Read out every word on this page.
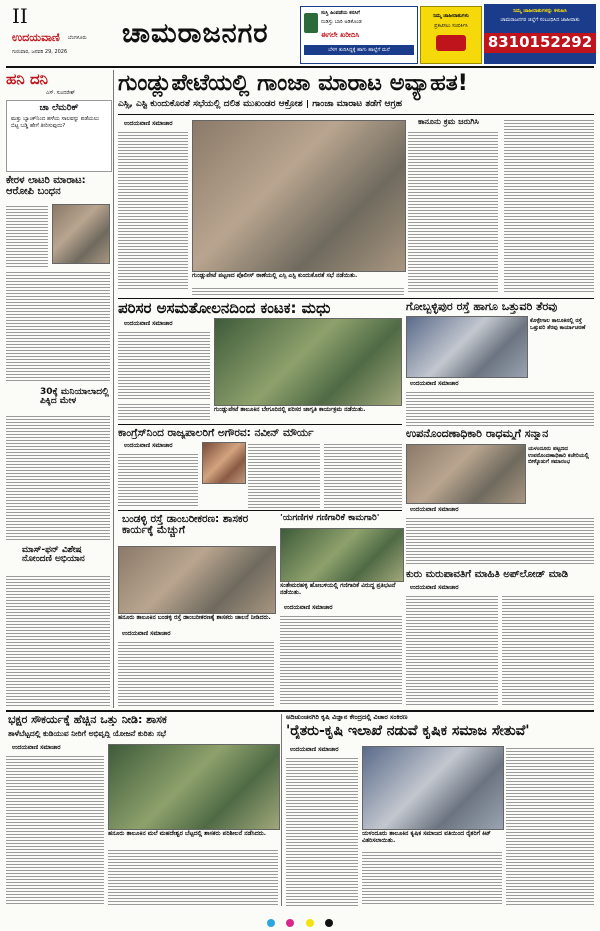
II
ಉದಯವಾಣಿ ಬೆಂಗಳೂರು
ಗುರುವಾರ, ಜನವರಿ 29, 2026
ಚಾಮರಾಜನಗರ
ಸುಸ್ತಿ ಹಿಂಪಡೆಯ ಕನಸಿಗೆ
ನುಡಿಸ್ತು ಬಾರಿ ಅಡಿಕೊಂಡ
ಈಗಲೇ ಖರೀದಿಸಿ
ಬೆಳಗ ತುದಿಸಿದ್ದಕ್ಕೆ ಹಾಗು ಹಾಲ್ಲೆಗೆ ಮನೆ
ನಿಮ್ಮ ಜಾಹೀರಾತುಗಳು
ಪ್ರಕಟಿಸಲು ಸಂಪರ್ಕಿಸಿ
ನಿಮ್ಮ ಜಾಹೀರಾತುಗಳನ್ನು ಕಳುಹಿಸಿ
ಚಾಮರಾಜನಗರ ಜಿಲ್ಲೆಗೆ ಸಂಬಂಧಿಸಿದ ಜಾಹೀರಾತು
8310152292
ಹನಿ ದನಿ
ಎಸ್. ಸುಂದರೇಶ್
ಚಾ ಲೆಮರಿಕ್
ಮತ್ತು ಬ್ಯಾಂಕ್‌ನಿಂದ ಹಳೆಯ ಸಾಲವನ್ನು ಪಡೆಯಲು ಬಿಟ್ಟ ಬಡ್ಡಿ ಹೇಗೆ ತೀರಿಸುವುದು?
ಕೇರಳ ಲಾಟರಿ ಮಾರಾಟ: ಆರೋಪಿ ಬಂಧನ
30ಕ್ಕೆ ಮನಿಯಾಲಾದಲ್ಲಿ ಪಿಕ್ಕಿದ ಮೇಳ
ಮಾಸ್-ಫನ್ ವಿಶೇಷ ನೋಂದಣಿ ಅಭಿಯಾನ
ಗುಂಡ್ಲುಪೇಟೆಯಲ್ಲಿ ಗಾಂಜಾ ಮಾರಾಟ ಅವ್ಯಾಹತ!
ಎಸ್ಸಿ, ಎಸ್ಟಿ ಕುಂದುಕೊರತೆ ಸಭೆಯಲ್ಲಿ ದಲಿತ ಮುಖಂಡರ ಆಕ್ರೋಶ | ಗಾಂಜಾ ಮಾರಾಟ ತಡೆಗೆ ಆಗ್ರಹ
ಉದಯವಾಣಿ ಸಮಾಚಾರ
ಗುಂಡ್ಲುಪೇಟೆ ಪಟ್ಟಣದ ಪೊಲೀಸ್ ಠಾಣೆಯಲ್ಲಿ ಎಸ್ಸಿ ಎಸ್ಟಿ ಕುಂದುಕೊರತೆ ಸಭೆ ನಡೆಯಿತು.
ಕಾನೂನು ಕ್ರಮ ಜರುಗಿಸಿ
ಪರಿಸರ ಅಸಮತೋಲನದಿಂದ ಕಂಟಕ: ಮಧು
ಉದಯವಾಣಿ ಸಮಾಚಾರ
ಗುಂಡ್ಲುಪೇಟೆ ತಾಲೂಕಿನ ಬೇಗೂರಿನಲ್ಲಿ ಪರಿಸರ ಜಾಗೃತಿ ಕಾರ್ಯಕ್ರಮ ನಡೆಯಿತು.
ಗೋಬ್ಬಳ್ಳಿಪುರ ರಸ್ತೆ ಹಾಗೂ ಒತ್ತುವರಿ ತೆರವು
ಕೊಳ್ಳೇಗಾಲ ತಾಲೂಕಿನಲ್ಲಿ ರಸ್ತೆ ಒತ್ತುವರಿ ತೆರವು ಕಾರ್ಯಾಚರಣೆ
ಉದಯವಾಣಿ ಸಮಾಚಾರ
ಕಾಂಗ್ರೆಸ್‌ನಿಂದ ರಾಜ್ಯಪಾಲರಿಗೆ ಅಗೌರವ: ನವೀನ್ ಮೌರ್ಯ
ಉದಯವಾಣಿ ಸಮಾಚಾರ
ಉಪನೊಂದಣಾಧಿಕಾರಿ ರಾಧಮ್ಮಗೆ ಸನ್ಮಾನ
ಯಳಂದೂರು ಪಟ್ಟಣದ ಉಪನೊಂದಣಾಧಿಕಾರಿ ಕಚೇರಿಯಲ್ಲಿ ಬೀಳ್ಕೊಡುಗೆ ಸಮಾರಂಭ
ಉದಯವಾಣಿ ಸಮಾಚಾರ
ಬಂಡಳ್ಳಿ ರಸ್ತೆ ಡಾಂಬರೀಕರಣ: ಶಾಸಕರ ಕಾರ್ಯಕ್ಕೆ ಮೆಚ್ಚುಗೆ
ಹನೂರು ತಾಲೂಕಿನ ಬಂಡಳ್ಳಿ ರಸ್ತೆ ಡಾಂಬರೀಕರಣಕ್ಕೆ ಶಾಸಕರು ಚಾಲನೆ ನೀಡಿದರು.
ಉದಯವಾಣಿ ಸಮಾಚಾರ
'ಯಗಣಿಗಳ ಗಣಿಗಾರಿಕೆ ಕಾಮಗಾರಿ'
ಸಂತೇಮರಹಳ್ಳಿ ಹೋಬಳಿಯಲ್ಲಿ ಗಣಿಗಾರಿಕೆ ವಿರುದ್ಧ ಪ್ರತಿಭಟನೆ ನಡೆಯಿತು.
ಉದಯವಾಣಿ ಸಮಾಚಾರ
ಕುರು ಮರುಪಾವತಿಗೆ ಮಾಹಿತಿ ಅಪ್‌ಲೋಡ್ ಮಾಡಿ
ಉದಯವಾಣಿ ಸಮಾಚಾರ
ಭಕ್ಷರ ಸೌಕರ್ಯಕ್ಕೆ ಹೆಚ್ಚಿನ ಒತ್ತು ನೀಡಿ: ಶಾಸಕ
ತಾಳೆಬೆಟ್ಟದಲ್ಲಿ ಕುಡಿಯುವ ನೀರಿಗೆ ಅಭಿವೃದ್ಧಿ ಯೋಜನೆ ಕುರಿತು ಸಭೆ
ಉದಯವಾಣಿ ಸಮಾಚಾರ
ಹನೂರು ತಾಲೂಕಿನ ಮಲೆ ಮಹದೇಶ್ವರ ಬೆಟ್ಟದಲ್ಲಿ ಶಾಸಕರು ಪರಿಶೀಲನೆ ನಡೆಸಿದರು.
ಅದಿಚುಂಚನಗಿರಿ ಕೃಷಿ ವಿಜ್ಞಾನ ಕೇಂದ್ರದಲ್ಲಿ ವಿಚಾರ ಸಂಕಿರಣ
'ರೈತರು-ಕೃಷಿ ಇಲಾಖೆ ನಡುವೆ ಕೃಷಿಕ ಸಮಾಜ ಸೇತುವೆ'
ಉದಯವಾಣಿ ಸಮಾಚಾರ
ಯಳಂದೂರು ತಾಲೂಕಿನ ಕೃಷಿಕ ಸಮಾಜದ ವತಿಯಿಂದ ರೈತರಿಗೆ ಕಿಟ್ ವಿತರಿಸಲಾಯಿತು.
